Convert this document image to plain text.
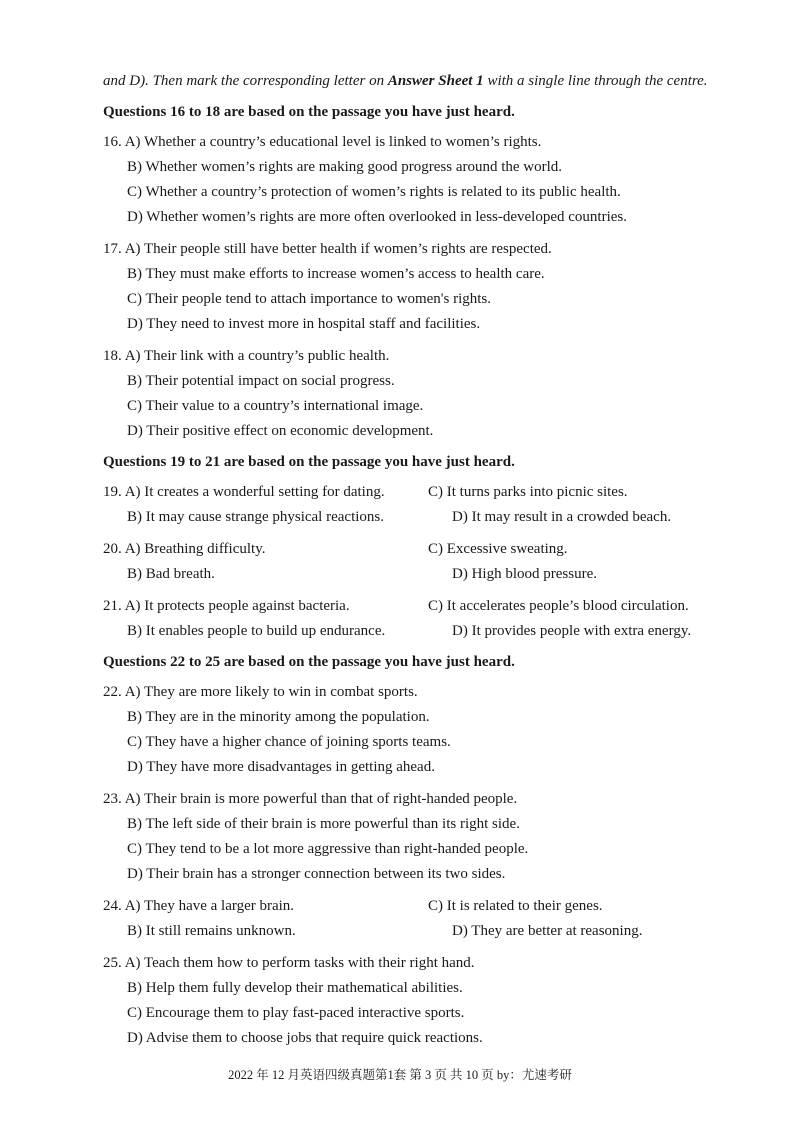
and D). Then mark the corresponding letter on Answer Sheet 1 with a single line through the centre.

Questions 16 to 18 are based on the passage you have just heard.
16. A) Whether a country’s educational level is linked to women’s rights.
B) Whether women’s rights are making good progress around the world.
C) Whether a country’s protection of women’s rights is related to its public health.
D) Whether women’s rights are more often overlooked in less-developed countries.
17. A) Their people still have better health if women’s rights are respected.
B) They must make efforts to increase women’s access to health care.
C) Their people tend to attach importance to women's rights.
D) They need to invest more in hospital staff and facilities.
18. A) Their link with a country’s public health.
B) Their potential impact on social progress.
C) Their value to a country’s international image.
D) Their positive effect on economic development.
Questions 19 to 21 are based on the passage you have just heard.
19. A) It creates a wonderful setting for dating.	C) It turns parks into picnic sites.
B) It may cause strange physical reactions.	D) It may result in a crowded beach.
20. A) Breathing difficulty.	C) Excessive sweating.
B) Bad breath.	D) High blood pressure.
21. A) It protects people against bacteria.	C) It accelerates people’s blood circulation.
B) It enables people to build up endurance.	D) It provides people with extra energy.
Questions 22 to 25 are based on the passage you have just heard.
22. A) They are more likely to win in combat sports.
B) They are in the minority among the population.
C) They have a higher chance of joining sports teams.
D) They have more disadvantages in getting ahead.
23. A) Their brain is more powerful than that of right-handed people.
B) The left side of their brain is more powerful than its right side.
C) They tend to be a lot more aggressive than right-handed people.
D) Their brain has a stronger connection between its two sides.
24. A) They have a larger brain.	C) It is related to their genes.
B) It still remains unknown.	D) They are better at reasoning.
25. A) Teach them how to perform tasks with their right hand.
B) Help them fully develop their mathematical abilities.
C) Encourage them to play fast-paced interactive sports.
D) Advise them to choose jobs that require quick reactions.
2022 年 12 月英语四级真题第1套 第 3 页 共 10 页 by：尤速考研
